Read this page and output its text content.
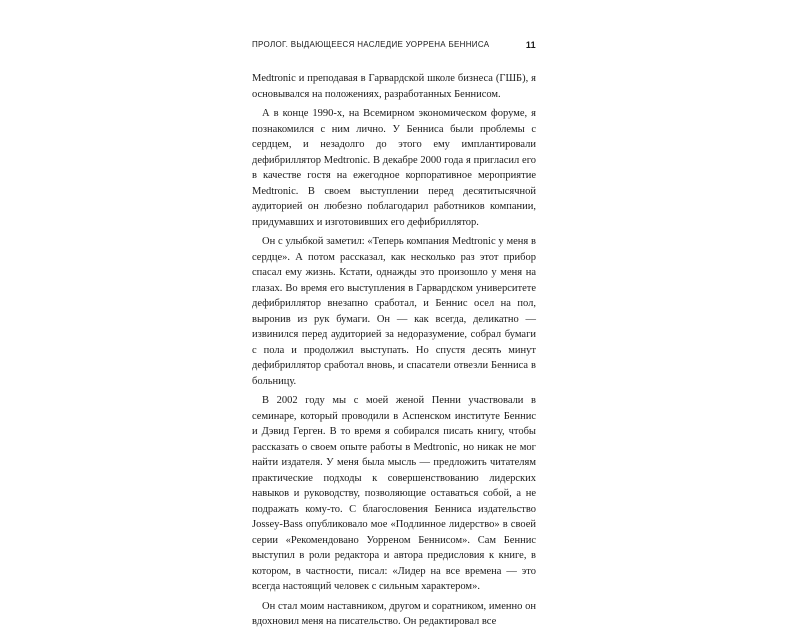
ПРОЛОГ. ВЫДАЮЩЕЕСЯ НАСЛЕДИЕ УОРРЕНА БЕННИСА	11

Medtronic и преподавая в Гарвардской школе бизнеса (ГШБ), я основывался на положениях, разработанных Беннисом.

А в конце 1990-х, на Всемирном экономическом форуме, я познакомился с ним лично. У Бенниса были проблемы с сердцем, и незадолго до этого ему имплантировали дефибриллятор Medtronic. В декабре 2000 года я пригласил его в качестве гостя на ежегодное корпоративное мероприятие Medtronic. В своем выступлении перед десятитысячной аудиторией он любезно поблагодарил работников компании, придумавших и изготовивших его дефибриллятор.

Он с улыбкой заметил: «Теперь компания Medtronic у меня в сердце». А потом рассказал, как несколько раз этот прибор спасал ему жизнь. Кстати, однажды это произошло у меня на глазах. Во время его выступления в Гарвардском университете дефибриллятор внезапно сработал, и Беннис осел на пол, выронив из рук бумаги. Он — как всегда, деликатно — извинился перед аудиторией за недоразумение, собрал бумаги с пола и продолжил выступать. Но спустя десять минут дефибриллятор сработал вновь, и спасатели отвезли Бенниса в больницу.

В 2002 году мы с моей женой Пенни участвовали в семинаре, который проводили в Аспенском институте Беннис и Дэвид Герген. В то время я собирался писать книгу, чтобы рассказать о своем опыте работы в Medtronic, но никак не мог найти издателя. У меня была мысль — предложить читателям практические подходы к совершенствованию лидерских навыков и руководству, позволяющие оставаться собой, а не подражать кому-то. С благословения Бенниса издательство Jossey-Bass опубликовало мое «Подлинное лидерство» в своей серии «Рекомендовано Уорреном Беннисом». Сам Беннис выступил в роли редактора и автора предисловия к книге, в котором, в частности, писал: «Лидер на все времена — это всегда настоящий человек с сильным характером».

Он стал моим наставником, другом и соратником, именно он вдохновил меня на писательство. Он редактировал все
